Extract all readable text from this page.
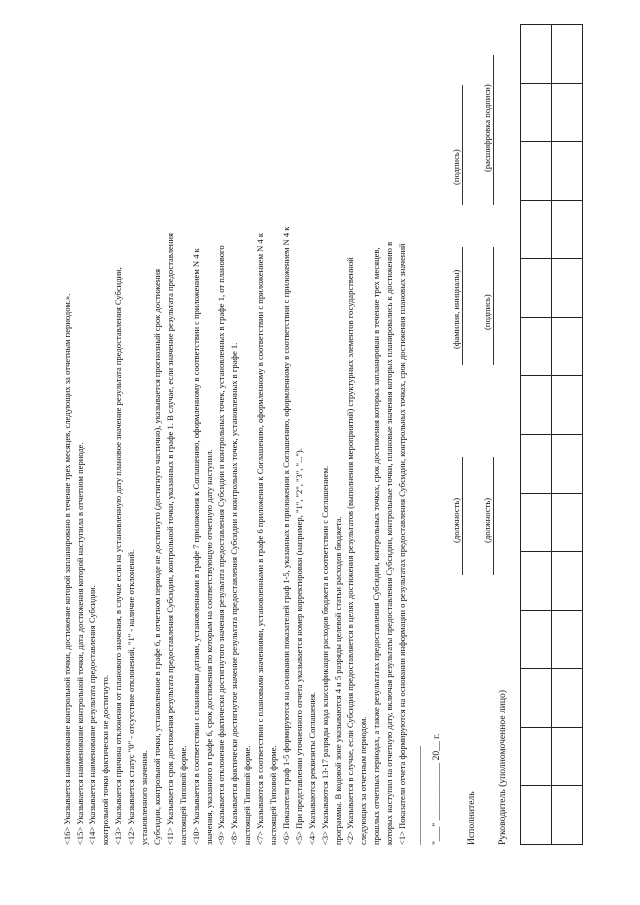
Руководитель (уполномоченное лицо)
(должность)
(подпись)
(расшифровка подписи)
Исполнитель
(должность)
(фамилия, инициалы)
(подпись)
"___" ____________ 20__ г.
_______________________
<1> Показатели отчета формируются на основании информации о результатах предоставления Субсидии, контрольных точках, срок достижения плановых значений
которых наступил на отчетную дату, включая результаты предоставления Субсидии, контрольные точки, плановые значения которых планировались к достижению в
прошлых отчетных периодах, а также результатах предоставления Субсидии, контрольных точках, срок достижения которых запланирован в течение трех месяцев,
следующих за отчетным периодом.
<2> Указывается в случае, если Субсидия предоставляется в целях достижения результатов (выполнения мероприятий) структурных элементов государственной
программы. В кодовой зоне указываются 4 и 5 разряды целевой статьи расходов бюджета.
<3> Указываются 13-17 разряды кода классификации расходов бюджета в соответствии с Соглашением.
<4> Указываются реквизиты Соглашения.
<5> При представлении уточненного отчета указывается номер корректировки (например, "1", "2", "3", "...").
<6> Показатели граф 1-5 формируются на основании показателей граф 1-5, указанных в приложении к Соглашению, оформленному в соответствии с приложением N 4 к
настоящей Типовой форме.
<7> Указываются в соответствии с плановыми значениями, установленными в графе 6 приложения к Соглашению, оформленному в соответствии с приложением N 4 к
настоящей Типовой форме.
<8> Указывается фактически достигнутое значение результата предоставления Субсидии и контрольных точек, установленных в графе 1.
<9> Указывается отклонение фактически достигнутого значения результата предоставления Субсидии и контрольных точек, установленных в графе 1, от планового
значения, указанного в графе 6, срок достижения по которым на соответствующую отчетную дату наступил.
<10> Указывается в соответствии с плановыми датами, установленными в графе 7 приложения к Соглашению, оформленному в соответствии с приложением N 4 к
настоящей Типовой форме.
<11> Указывается срок достижения результата предоставления Субсидии, контрольной точки, указанных в графе 1. В случае, если значение результата предоставления
Субсидии, контрольной точки, установленное в графе 6, в отчетном периоде не достигнуто (достигнуто частично), указывается прогнозный срок достижения
установленного значения.
<12> Указывается статус "0" - отсутствие отклонений, "1" - наличие отклонений.
<13> Указывается причина отклонения от планового значения, в случае если на установленную дату плановое значение результата предоставления Субсидии,
контрольной точки фактически не достигнуто.
<14> Указывается наименование результата предоставления Субсидии.
<15> Указывается наименование контрольной точки, дата достижения которой наступила в отчетном периоде.
<16> Указывается наименование контрольной точки, достижение которой запланировано в течение трех месяцев, следующих за отчетным периодом.».
